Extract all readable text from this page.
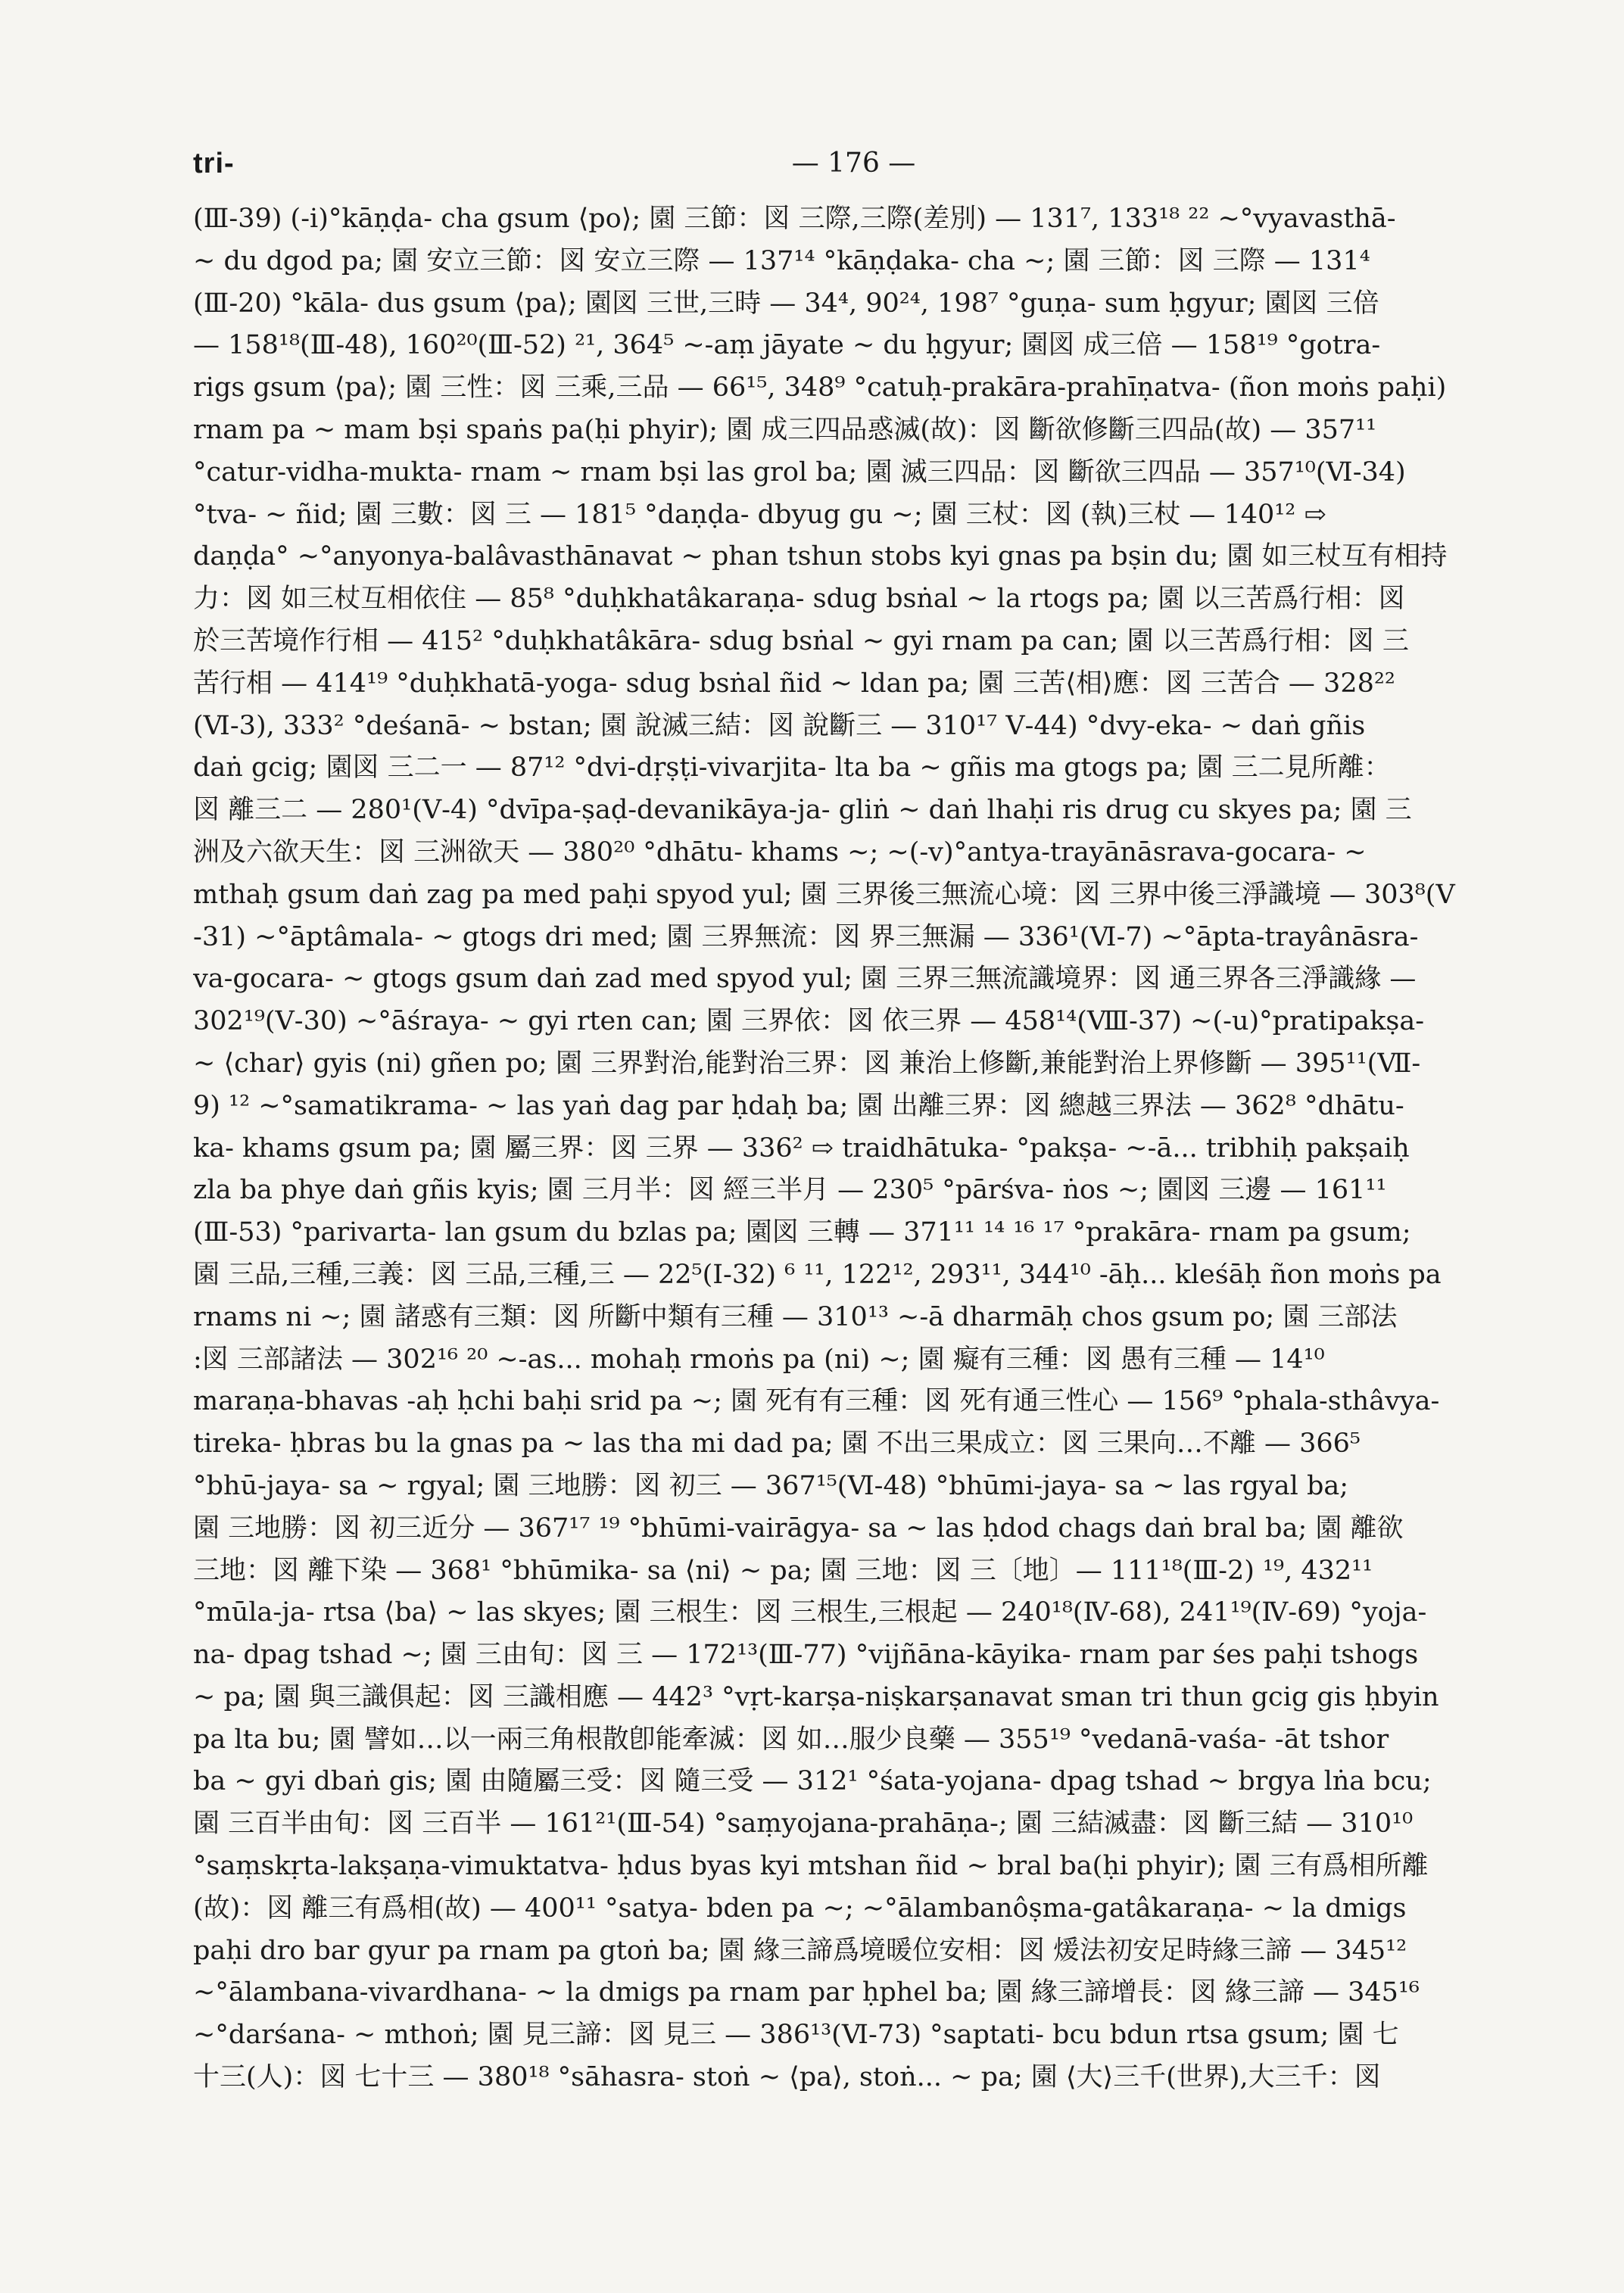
tri-	— 176 —
(Ⅲ-39) (-i)°kāṇḍa- cha gsum ⟨po⟩; 園 三節：図 三際,三際(差別) — 131⁷, 133¹⁸ ²² ~°vyavasthā-
~ du dgod pa; 園 安立三節：図 安立三際 — 137¹⁴ °kāṇḍaka- cha ~; 園 三節：図 三際 — 131⁴
(Ⅲ-20) °kāla- dus gsum ⟨pa⟩; 園図 三世,三時 — 34⁴, 90²⁴, 198⁷ °guṇa- sum ḥgyur; 園図 三倍
— 158¹⁸(Ⅲ-48), 160²⁰(Ⅲ-52) ²¹, 364⁵ ~-aṃ jāyate ~ du ḥgyur; 園図 成三倍 — 158¹⁹ °gotra-
rigs gsum ⟨pa⟩; 園 三性：図 三乘,三品 — 66¹⁵, 348⁹ °catuḥ-prakāra-prahīṇatva- (ñon moṅs paḥi)
rnam pa ~ mam bṣi spaṅs pa(ḥi phyir); 園 成三四品惑滅(故)：図 斷欲修斷三四品(故) — 357¹¹
°catur-vidha-mukta- rnam ~ rnam bṣi las grol ba; 園 滅三四品：図 斷欲三四品 — 357¹⁰(Ⅵ-34)
°tva- ~ ñid; 園 三數：図 三 — 181⁵ °daṇḍa- dbyug gu ~; 園 三杖：図 (執)三杖 — 140¹² ⇨
daṇḍa° ~°anyonya-balâvasthānavat ~ phan tshun stobs kyi gnas pa bṣin du; 園 如三杖互有相持
力：図 如三杖互相依住 — 85⁸ °duḥkhatâkaraṇa- sdug bsṅal ~ la rtogs pa; 園 以三苦爲行相：図
於三苦境作行相 — 415² °duḥkhatâkāra- sdug bsṅal ~ gyi rnam pa can; 園 以三苦爲行相：図 三
苦行相 — 414¹⁹ °duḥkhatā-yoga- sdug bsṅal ñid ~ ldan pa; 園 三苦⟨相⟩應：図 三苦合 — 328²²
(Ⅵ-3), 333² °deśanā- ~ bstan; 園 說滅三結：図 說斷三 — 310¹⁷ Ⅴ-44) °dvy-eka- ~ daṅ gñis
daṅ gcig; 園図 三二一 — 87¹² °dvi-dṛṣṭi-vivarjita- lta ba ~ gñis ma gtogs pa; 園 三二見所離：
図 離三二 — 280¹(Ⅴ-4) °dvīpa-ṣaḍ-devanikāya-ja- gliṅ ~ daṅ lhaḥi ris drug cu skyes pa; 園 三
洲及六欲天生：図 三洲欲天 — 380²⁰ °dhātu- khams ~; ~(-v)°antya-trayānāsrava-gocara- ~
mthaḥ gsum daṅ zag pa med paḥi spyod yul; 園 三界後三無流心境：図 三界中後三淨識境 — 303⁸(Ⅴ
-31) ~°āptâmala- ~ gtogs dri med; 園 三界無流：図 界三無漏 — 336¹(Ⅵ-7) ~°āpta-trayânāsra-
va-gocara- ~ gtogs gsum daṅ zad med spyod yul; 園 三界三無流識境界：図 通三界各三淨識緣 —
302¹⁹(Ⅴ-30) ~°āśraya- ~ gyi rten can; 園 三界依：図 依三界 — 458¹⁴(Ⅷ-37) ~(-u)°pratipakṣa-
~ ⟨char⟩ gyis (ni) gñen po; 園 三界對治,能對治三界：図 兼治上修斷,兼能對治上界修斷 — 395¹¹(Ⅶ-
9) ¹² ~°samatikrama- ~ las yaṅ dag par ḥdaḥ ba; 園 出離三界：図 總越三界法 — 362⁸ °dhātu-
ka- khams gsum pa; 園 屬三界：図 三界 — 336² ⇨ traidhātuka- °pakṣa- ~-ā... tribhiḥ pakṣaiḥ
zla ba phye daṅ gñis kyis; 園 三月半：図 經三半月 — 230⁵ °pārśva- ṅos ~; 園図 三邊 — 161¹¹
(Ⅲ-53) °parivarta- lan gsum du bzlas pa; 園図 三轉 — 371¹¹ ¹⁴ ¹⁶ ¹⁷ °prakāra- rnam pa gsum;
園 三品,三種,三義：図 三品,三種,三 — 22⁵(Ⅰ-32) ⁶ ¹¹, 122¹², 293¹¹, 344¹⁰ -āḥ... kleśāḥ ñon moṅs pa
rnams ni ~; 園 諸惑有三類：図 所斷中類有三種 — 310¹³ ~-ā dharmāḥ chos gsum po; 園 三部法
:図 三部諸法 — 302¹⁶ ²⁰ ~-as... mohaḥ rmoṅs pa (ni) ~; 園 癡有三種：図 愚有三種 — 14¹⁰
maraṇa-bhavas -aḥ ḥchi baḥi srid pa ~; 園 死有有三種：図 死有通三性心 — 156⁹ °phala-sthâvya-
tireka- ḥbras bu la gnas pa ~ las tha mi dad pa; 園 不出三果成立：図 三果向…不離 — 366⁵
°bhū-jaya- sa ~ rgyal; 園 三地勝：図 初三 — 367¹⁵(Ⅵ-48) °bhūmi-jaya- sa ~ las rgyal ba;
園 三地勝：図 初三近分 — 367¹⁷ ¹⁹ °bhūmi-vairāgya- sa ~ las ḥdod chags daṅ bral ba; 園 離欲
三地：図 離下染 — 368¹ °bhūmika- sa ⟨ni⟩ ~ pa; 園 三地：図 三〔地〕— 111¹⁸(Ⅲ-2) ¹⁹, 432¹¹
°mūla-ja- rtsa ⟨ba⟩ ~ las skyes; 園 三根生：図 三根生,三根起 — 240¹⁸(Ⅳ-68), 241¹⁹(Ⅳ-69) °yoja-
na- dpag tshad ~; 園 三由旬：図 三 — 172¹³(Ⅲ-77) °vijñāna-kāyika- rnam par śes paḥi tshogs
~ pa; 園 與三識俱起：図 三識相應 — 442³ °vṛt-karṣa-niṣkarṣanavat sman tri thun gcig gis ḥbyin
pa lta bu; 園 譬如…以一兩三角根散卽能牽滅：図 如…服少良藥 — 355¹⁹ °vedanā-vaśa- -āt tshor
ba ~ gyi dbaṅ gis; 園 由隨屬三受：図 隨三受 — 312¹ °śata-yojana- dpag tshad ~ brgya lṅa bcu;
園 三百半由旬：図 三百半 — 161²¹(Ⅲ-54) °saṃyojana-prahāṇa-; 園 三結滅盡：図 斷三結 — 310¹⁰
°saṃskṛta-lakṣaṇa-vimuktatva- ḥdus byas kyi mtshan ñid ~ bral ba(ḥi phyir); 園 三有爲相所離
(故)：図 離三有爲相(故) — 400¹¹ °satya- bden pa ~; ~°ālambanôṣma-gatâkaraṇa- ~ la dmigs
paḥi dro bar gyur pa rnam pa gtoṅ ba; 園 緣三諦爲境暖位安相：図 煖法初安足時緣三諦 — 345¹²
~°ālambana-vivardhana- ~ la dmigs pa rnam par ḥphel ba; 園 緣三諦增長：図 緣三諦 — 345¹⁶
~°darśana- ~ mthoṅ; 園 見三諦：図 見三 — 386¹³(Ⅵ-73) °saptati- bcu bdun rtsa gsum; 園 七
十三(人)：図 七十三 — 380¹⁸ °sāhasra- stoṅ ~ ⟨pa⟩, stoṅ... ~ pa; 園 ⟨大⟩三千(世界),大三千：図
